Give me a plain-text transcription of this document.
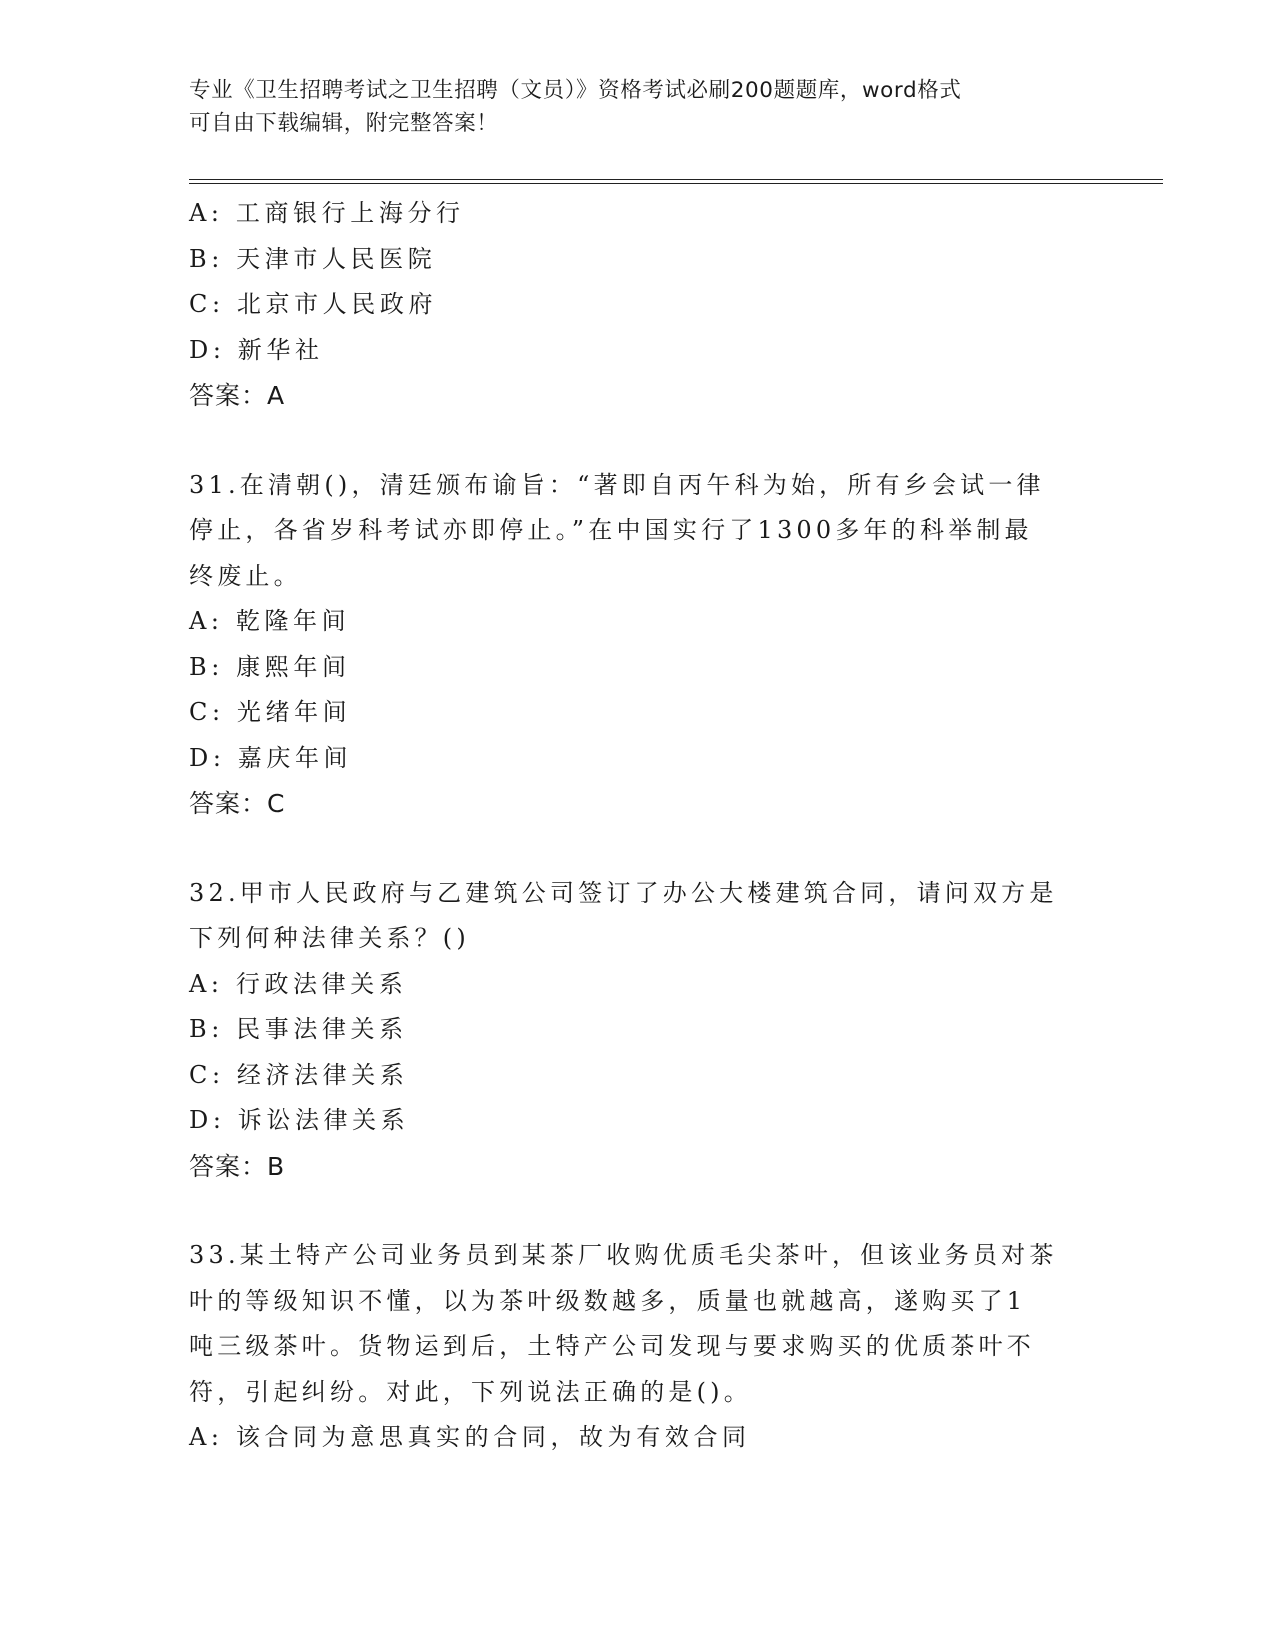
专业《卫生招聘考试之卫生招聘（文员）》资格考试必刷200题题库，word格式
可自由下载编辑，附完整答案！
A: 工商银行上海分行
B: 天津市人民医院
C: 北京市人民政府
D: 新华社
答案：A
31.在清朝()，清廷颁布谕旨：“著即自丙午科为始，所有乡会试一律
停止，各省岁科考试亦即停止。”在中国实行了1300多年的科举制最
终废止。
A: 乾隆年间
B: 康熙年间
C: 光绪年间
D: 嘉庆年间
答案：C
32.甲市人民政府与乙建筑公司签订了办公大楼建筑合同，请问双方是
下列何种法律关系？()
A: 行政法律关系
B: 民事法律关系
C: 经济法律关系
D: 诉讼法律关系
答案：B
33.某土特产公司业务员到某茶厂收购优质毛尖茶叶，但该业务员对茶
叶的等级知识不懂，以为茶叶级数越多，质量也就越高，遂购买了1
吨三级茶叶。货物运到后，土特产公司发现与要求购买的优质茶叶不
符，引起纠纷。对此，下列说法正确的是()。
A: 该合同为意思真实的合同，故为有效合同
